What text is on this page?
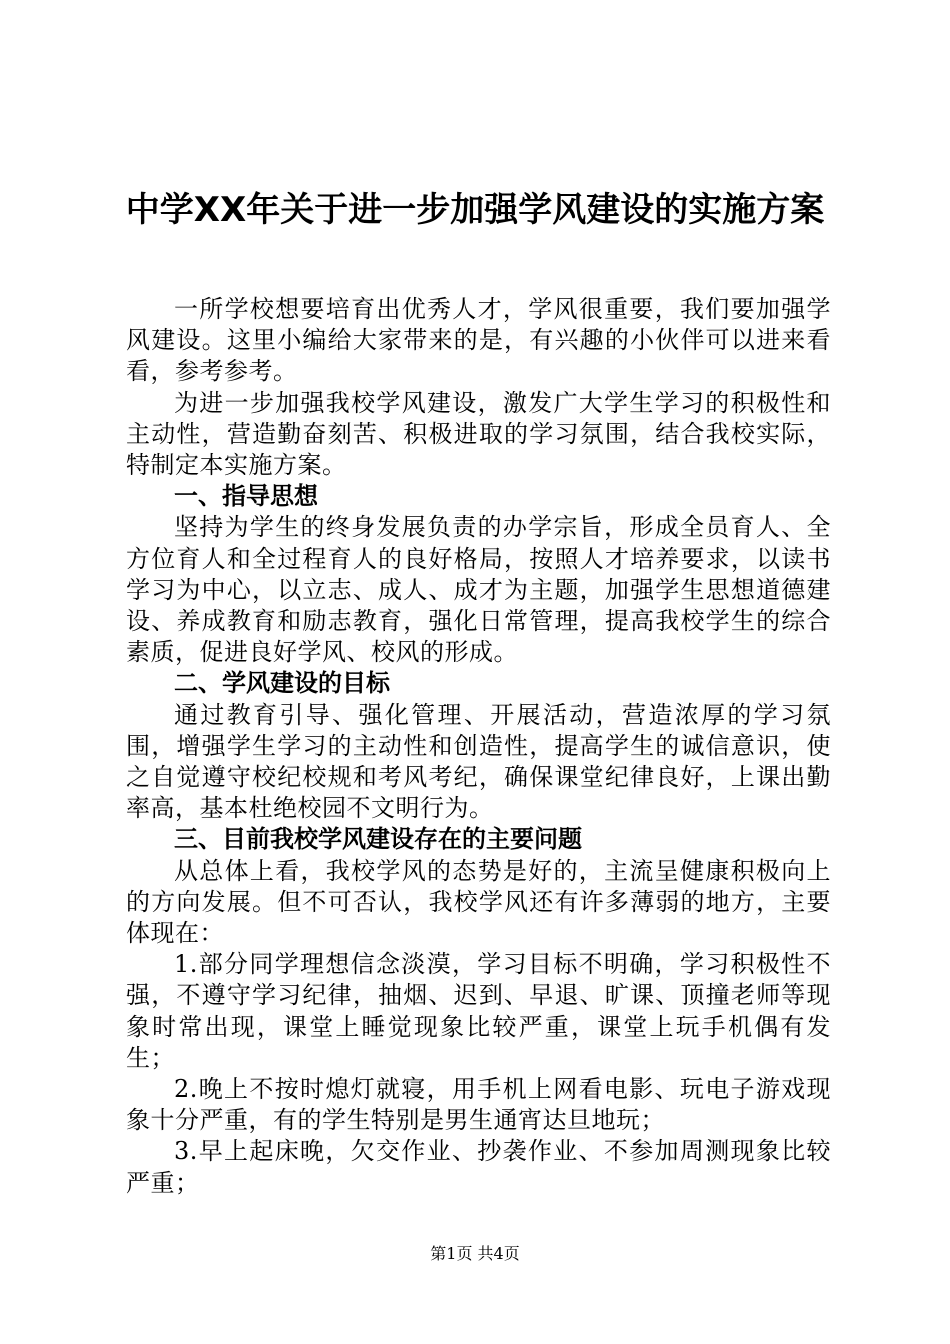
中学XX年关于进一步加强学风建设的实施方案

一所学校想要培育出优秀人才，学风很重要，我们要加强学风建设。这里小编给大家带来的是，有兴趣的小伙伴可以进来看看，参考参考。

为进一步加强我校学风建设，激发广大学生学习的积极性和主动性，营造勤奋刻苦、积极进取的学习氛围，结合我校实际，特制定本实施方案。

一、指导思想

坚持为学生的终身发展负责的办学宗旨，形成全员育人、全方位育人和全过程育人的良好格局，按照人才培养要求，以读书学习为中心，以立志、成人、成才为主题，加强学生思想道德建设、养成教育和励志教育，强化日常管理，提高我校学生的综合素质，促进良好学风、校风的形成。

二、学风建设的目标

通过教育引导、强化管理、开展活动，营造浓厚的学习氛围，增强学生学习的主动性和创造性，提高学生的诚信意识，使之自觉遵守校纪校规和考风考纪，确保课堂纪律良好，上课出勤率高，基本杜绝校园不文明行为。

三、目前我校学风建设存在的主要问题

从总体上看，我校学风的态势是好的，主流呈健康积极向上的方向发展。但不可否认，我校学风还有许多薄弱的地方，主要体现在：

1.部分同学理想信念淡漠，学习目标不明确，学习积极性不强，不遵守学习纪律，抽烟、迟到、早退、旷课、顶撞老师等现象时常出现，课堂上睡觉现象比较严重，课堂上玩手机偶有发生；

2.晚上不按时熄灯就寝，用手机上网看电影、玩电子游戏现象十分严重，有的学生特别是男生通宵达旦地玩；

3.早上起床晚，欠交作业、抄袭作业、不参加周测现象比较严重；

第1页 共4页
